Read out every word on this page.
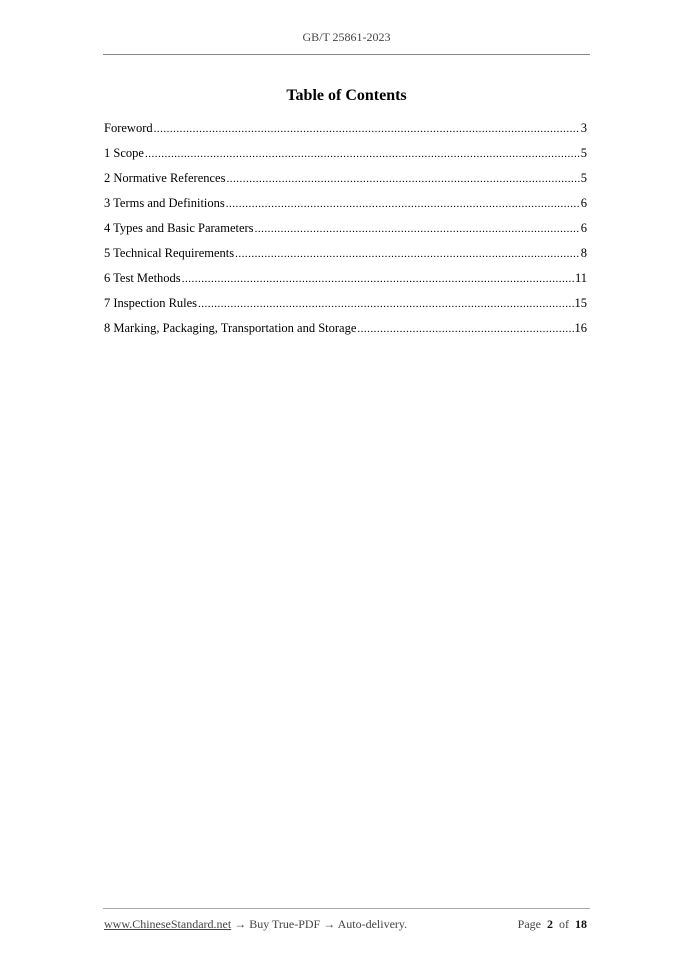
GB/T 25861-2023
Table of Contents
Foreword .....	3
1 Scope .....	5
2 Normative References .....	5
3 Terms and Definitions .....	6
4 Types and Basic Parameters .....	6
5 Technical Requirements .....	8
6 Test Methods .....	11
7 Inspection Rules .....	15
8 Marking, Packaging, Transportation and Storage .....	16
www.ChineseStandard.net → Buy True-PDF → Auto-delivery.	Page 2 of 18
